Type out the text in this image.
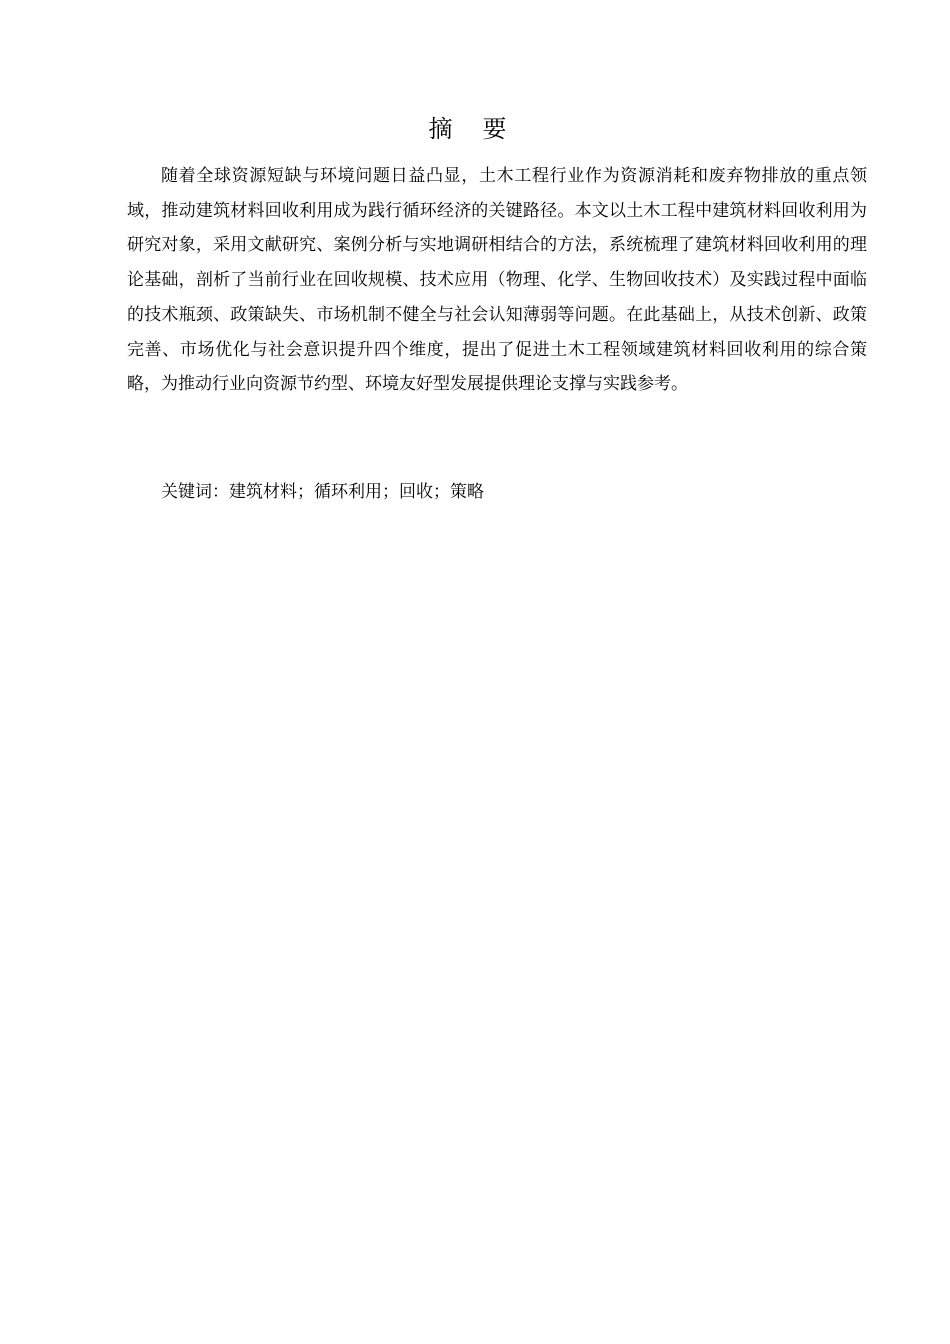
摘要

随着全球资源短缺与环境问题日益凸显，土木工程行业作为资源消耗和废弃物排放的重点领域，推动建筑材料回收利用成为践行循环经济的关键路径。本文以土木工程中建筑材料回收利用为研究对象，采用文献研究、案例分析与实地调研相结合的方法，系统梳理了建筑材料回收利用的理论基础，剖析了当前行业在回收规模、技术应用（物理、化学、生物回收技术）及实践过程中面临的技术瓶颈、政策缺失、市场机制不健全与社会认知薄弱等问题。在此基础上，从技术创新、政策完善、市场优化与社会意识提升四个维度，提出了促进土木工程领域建筑材料回收利用的综合策略，为推动行业向资源节约型、环境友好型发展提供理论支撑与实践参考。

关键词：建筑材料；循环利用；回收；策略
